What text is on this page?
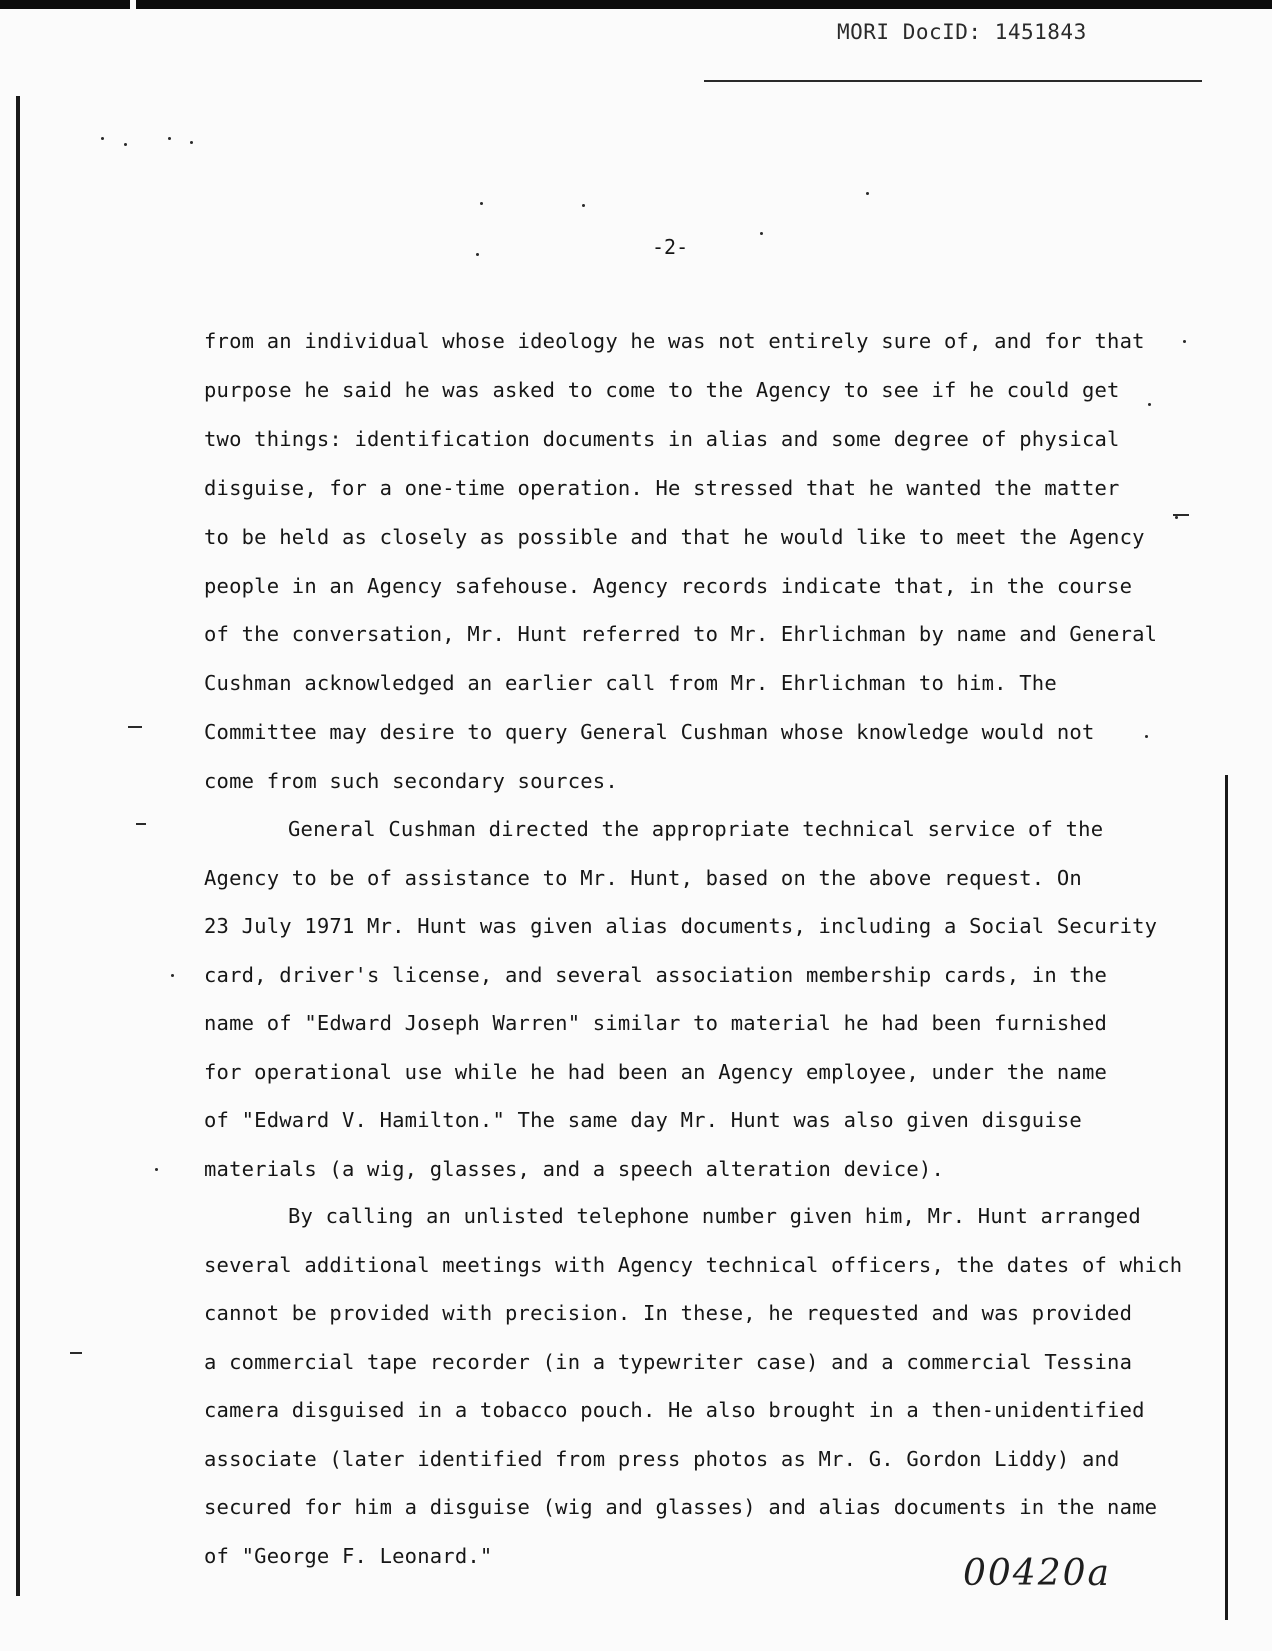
MORI DocID: 1451843
-2-
from an individual whose ideology he was not entirely sure of, and for that
purpose he said he was asked to come to the Agency to see if he could get
two things: identification documents in alias and some degree of physical
disguise, for a one-time operation. He stressed that he wanted the matter
to be held as closely as possible and that he would like to meet the Agency
people in an Agency safehouse. Agency records indicate that, in the course
of the conversation, Mr. Hunt referred to Mr. Ehrlichman by name and General
Cushman acknowledged an earlier call from Mr. Ehrlichman to him. The
Committee may desire to query General Cushman whose knowledge would not
come from such secondary sources.
General Cushman directed the appropriate technical service of the
Agency to be of assistance to Mr. Hunt, based on the above request. On
23 July 1971 Mr. Hunt was given alias documents, including a Social Security
card, driver's license, and several association membership cards, in the
name of "Edward Joseph Warren" similar to material he had been furnished
for operational use while he had been an Agency employee, under the name
of "Edward V. Hamilton." The same day Mr. Hunt was also given disguise
materials (a wig, glasses, and a speech alteration device).
By calling an unlisted telephone number given him, Mr. Hunt arranged
several additional meetings with Agency technical officers, the dates of which
cannot be provided with precision. In these, he requested and was provided
a commercial tape recorder (in a typewriter case) and a commercial Tessina
camera disguised in a tobacco pouch. He also brought in a then-unidentified
associate (later identified from press photos as Mr. G. Gordon Liddy) and
secured for him a disguise (wig and glasses) and alias documents in the name
of "George F. Leonard."	00420a
